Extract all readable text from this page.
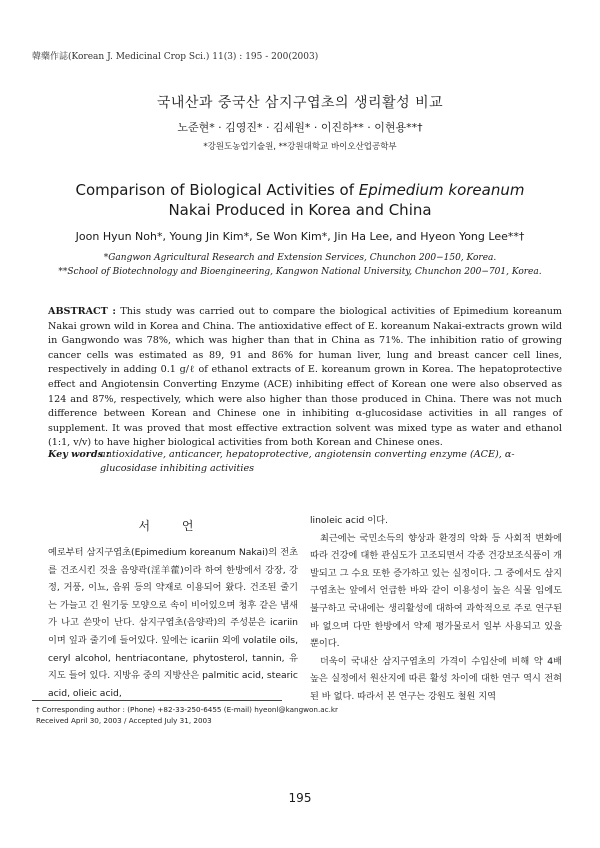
韓藥作誌(Korean J. Medicinal Crop Sci.) 11(3) : 195 - 200(2003)
국내산과 중국산 삼지구엽초의 생리활성 비교
노준현* · 김영진* · 김세원* · 이진하** · 이현용**†
*강원도농업기술원, **강원대학교 바이오산업공학부
Comparison of Biological Activities of Epimedium koreanum
Nakai Produced in Korea and China
Joon Hyun Noh*, Young Jin Kim*, Se Won Kim*, Jin Ha Lee, and Hyeon Yong Lee**†
*Gangwon Agricultural Research and Extension Services, Chunchon 200−150, Korea.
**School of Biotechnology and Bioengineering, Kangwon National University, Chunchon 200−701, Korea.
ABSTRACT : This study was carried out to compare the biological activities of Epimedium koreanum Nakai grown wild in Korea and China. The antioxidative effect of E. koreanum Nakai-extracts grown wild in Gangwondo was 78%, which was higher than that in China as 71%. The inhibition ratio of growing cancer cells was estimated as 89, 91 and 86% for human liver, lung and breast cancer cell lines, respectively in adding 0.1 g/ℓ of ethanol extracts of E. koreanum grown in Korea. The hepatoprotective effect and Angiotensin Converting Enzyme (ACE) inhibiting effect of Korean one were also observed as 124 and 87%, respectively, which were also higher than those produced in China. There was not much difference between Korean and Chinese one in inhibiting α-glucosidase activities in all ranges of supplement. It was proved that most effective extraction solvent was mixed type as water and ethanol (1:1, v/v) to have higher biological activities from both Korean and Chinese ones.
Key words :
antioxidative, anticancer, hepatoprotective, angiotensin converting enzyme (ACE), α-glucosidase inhibiting activities
서 언

예로부터 삼지구엽초(Epimedium koreanum Nakai)의 전초를 건조시킨 것을 음양곽(淫羊藿)이라 하여 한방에서 강장, 강정, 거풍, 이뇨, 음위 등의 약재로 이용되어 왔다. 건조된 줄기는 가늘고 긴 원기둥 모양으로 속이 비어있으며 청후 같은 냄새가 나고 쓴맛이 난다. 삼지구엽초(음양곽)의 주성분은 icariin이며 잎과 줄기에 들어있다. 잎에는 icariin 외에 volatile oils, ceryl alcohol, hentriacontane, phytosterol, tannin, 유지도 들어 있다. 지방유 중의 지방산은 palmitic acid, stearic acid, olieic acid,

linoleic acid 이다.

최근에는 국민소득의 향상과 환경의 악화 등 사회적 변화에 따라 건강에 대한 관심도가 고조되면서 각종 건강보조식품이 개발되고 그 수요 또한 증가하고 있는 실정이다. 그 중에서도 삼지구엽초는 앞에서 언급한 바와 같이 이용성이 높은 식물 임에도 불구하고 국내에는 생리활성에 대하여 과학적으로 주로 연구된바 없으며 다만 한방에서 약제 평가물로서 일부 사용되고 있을 뿐이다.

더욱이 국내산 삼지구엽초의 가격이 수입산에 비해 약 4배 높은 실정에서 원산지에 따른 활성 차이에 대한 연구 역시 전혀 된 바 없다. 따라서 본 연구는 강원도 철원 지역

† Corresponding author : (Phone) +82-33-250-6455 (E-mail) hyeonl@kangwon.ac.kr
Received April 30, 2003 / Accepted July 31, 2003
195
